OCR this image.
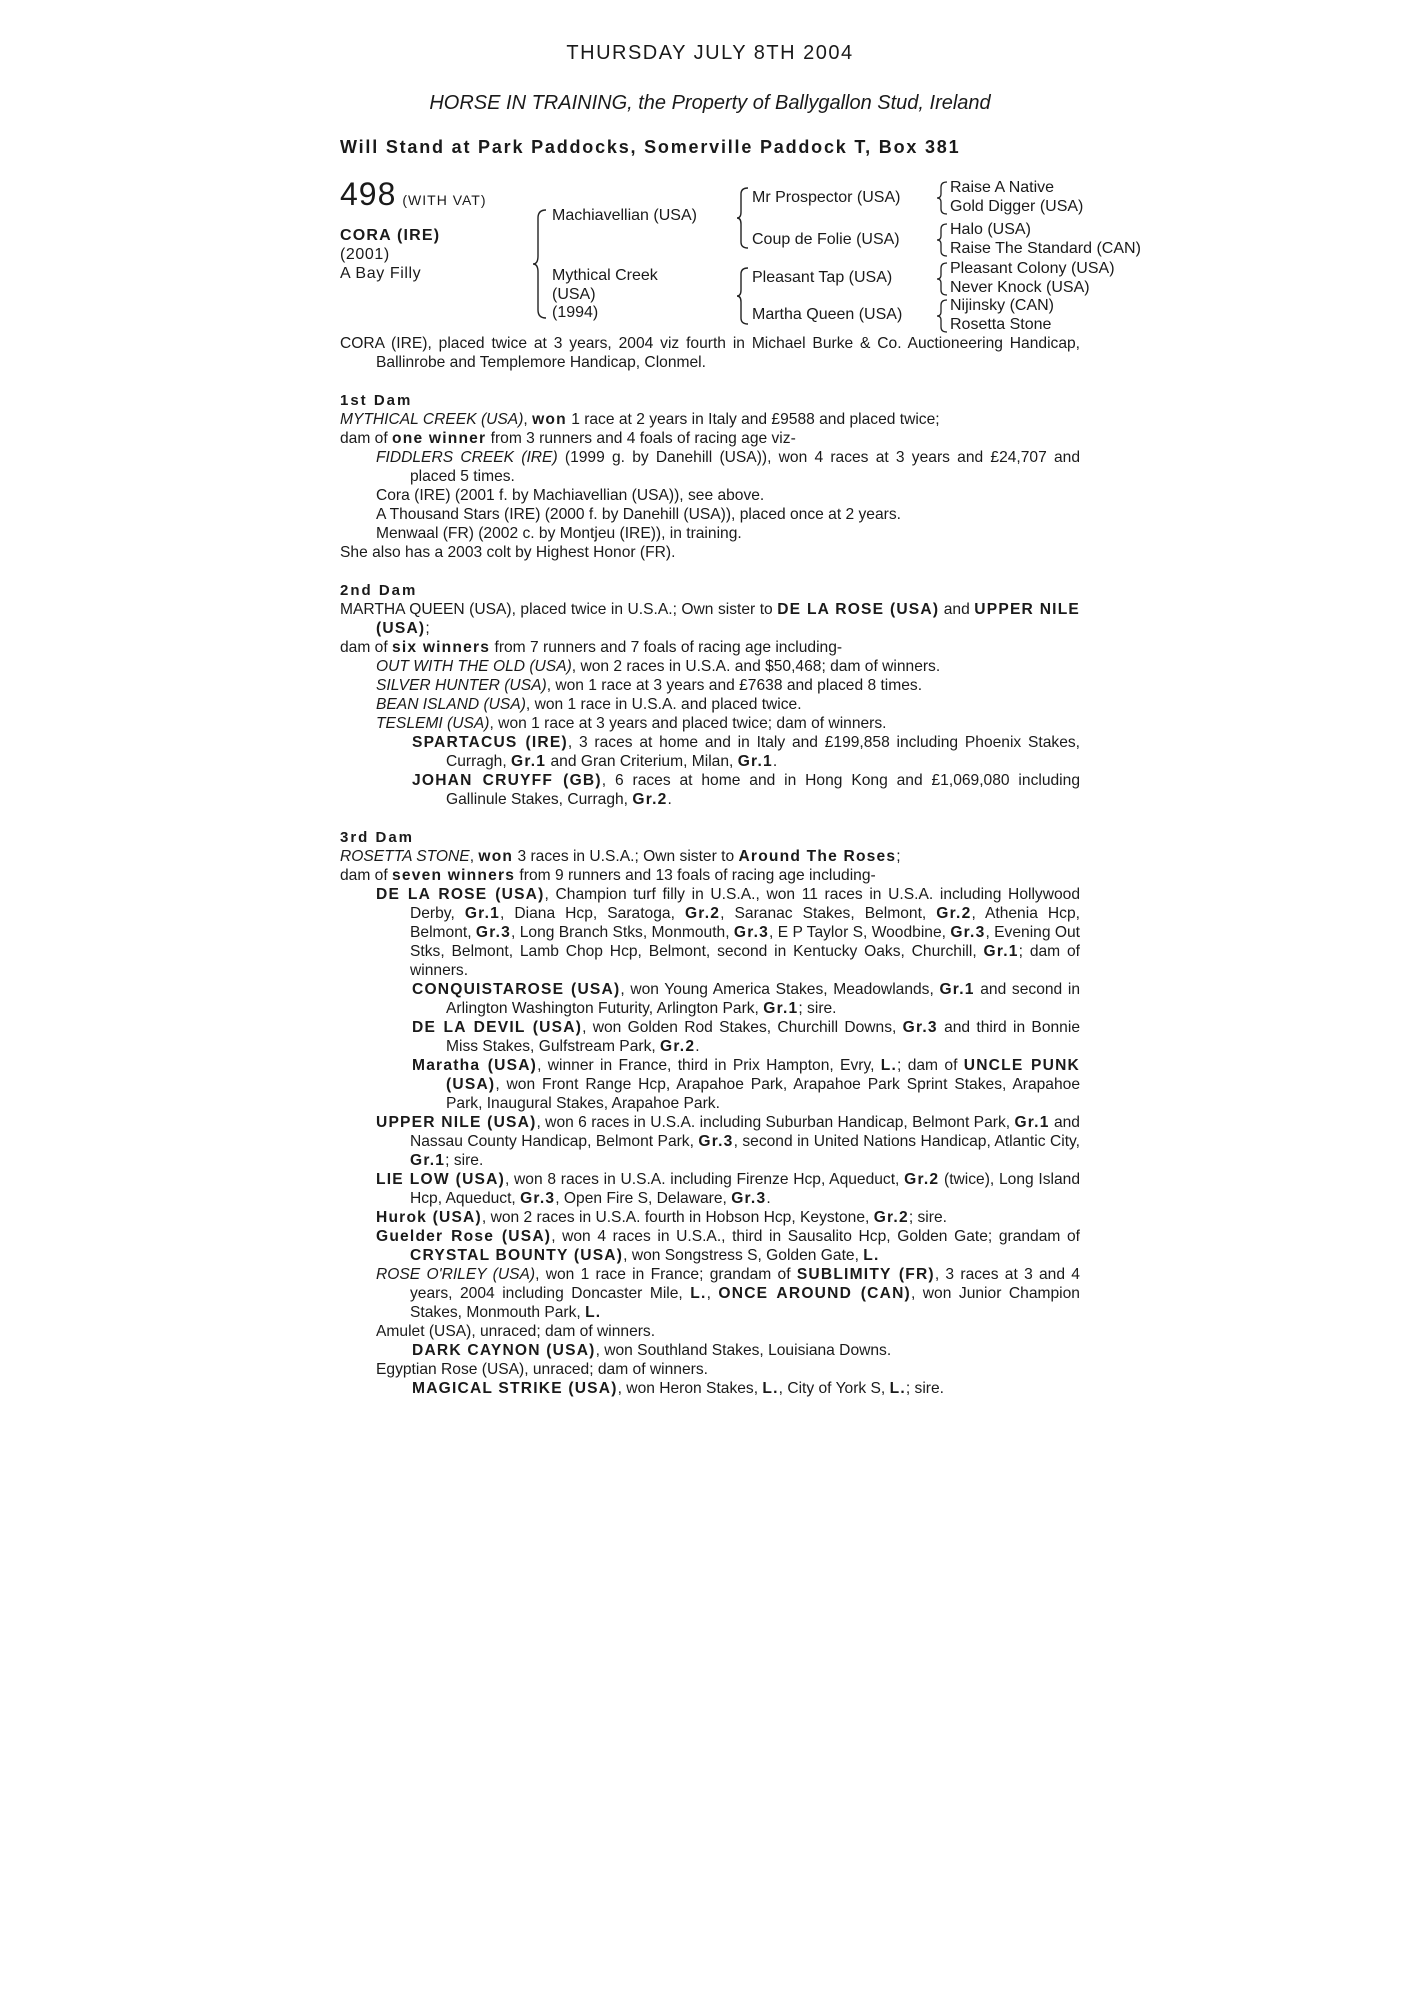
THURSDAY JULY 8TH 2004
HORSE IN TRAINING, the Property of Ballygallon Stud, Ireland
Will Stand at Park Paddocks, Somerville Paddock T, Box 381
498 (WITH VAT)
CORA (IRE)
(2001)
A Bay Filly
Machiavellian (USA)
Mythical Creek
(USA)
(1994)
Mr Prospector (USA)
Coup de Folie (USA)
Pleasant Tap (USA)
Martha Queen (USA)
Raise A Native
Gold Digger (USA)
Halo (USA)
Raise The Standard (CAN)
Pleasant Colony (USA)
Never Knock (USA)
Nijinsky (CAN)
Rosetta Stone

CORA (IRE), placed twice at 3 years, 2004 viz fourth in Michael Burke & Co. Auctioneering Handicap, Ballinrobe and Templemore Handicap, Clonmel.

1st Dam

MYTHICAL CREEK (USA), won 1 race at 2 years in Italy and £9588 and placed twice;

dam of one winner from 3 runners and 4 foals of racing age viz-

FIDDLERS CREEK (IRE) (1999 g. by Danehill (USA)), won 4 races at 3 years and £24,707 and placed 5 times.

Cora (IRE) (2001 f. by Machiavellian (USA)), see above.

A Thousand Stars (IRE) (2000 f. by Danehill (USA)), placed once at 2 years.

Menwaal (FR) (2002 c. by Montjeu (IRE)), in training.

She also has a 2003 colt by Highest Honor (FR).

2nd Dam

MARTHA QUEEN (USA), placed twice in U.S.A.; Own sister to DE LA ROSE (USA) and UPPER NILE (USA);

dam of six winners from 7 runners and 7 foals of racing age including-

OUT WITH THE OLD (USA), won 2 races in U.S.A. and $50,468; dam of winners.

SILVER HUNTER (USA), won 1 race at 3 years and £7638 and placed 8 times.

BEAN ISLAND (USA), won 1 race in U.S.A. and placed twice.

TESLEMI (USA), won 1 race at 3 years and placed twice; dam of winners.

SPARTACUS (IRE), 3 races at home and in Italy and £199,858 including Phoenix Stakes, Curragh, Gr.1 and Gran Criterium, Milan, Gr.1.

JOHAN CRUYFF (GB), 6 races at home and in Hong Kong and £1,069,080 including Gallinule Stakes, Curragh, Gr.2.

3rd Dam

ROSETTA STONE, won 3 races in U.S.A.; Own sister to Around The Roses;

dam of seven winners from 9 runners and 13 foals of racing age including-

DE LA ROSE (USA), Champion turf filly in U.S.A., won 11 races in U.S.A. including Hollywood Derby, Gr.1, Diana Hcp, Saratoga, Gr.2, Saranac Stakes, Belmont, Gr.2, Athenia Hcp, Belmont, Gr.3, Long Branch Stks, Monmouth, Gr.3, E P Taylor S, Woodbine, Gr.3, Evening Out Stks, Belmont, Lamb Chop Hcp, Belmont, second in Kentucky Oaks, Churchill, Gr.1; dam of winners.

CONQUISTAROSE (USA), won Young America Stakes, Meadowlands, Gr.1 and second in Arlington Washington Futurity, Arlington Park, Gr.1; sire.

DE LA DEVIL (USA), won Golden Rod Stakes, Churchill Downs, Gr.3 and third in Bonnie Miss Stakes, Gulfstream Park, Gr.2.

Maratha (USA), winner in France, third in Prix Hampton, Evry, L.; dam of UNCLE PUNK (USA), won Front Range Hcp, Arapahoe Park, Arapahoe Park Sprint Stakes, Arapahoe Park, Inaugural Stakes, Arapahoe Park.

UPPER NILE (USA), won 6 races in U.S.A. including Suburban Handicap, Belmont Park, Gr.1 and Nassau County Handicap, Belmont Park, Gr.3, second in United Nations Handicap, Atlantic City, Gr.1; sire.

LIE LOW (USA), won 8 races in U.S.A. including Firenze Hcp, Aqueduct, Gr.2 (twice), Long Island Hcp, Aqueduct, Gr.3, Open Fire S, Delaware, Gr.3.

Hurok (USA), won 2 races in U.S.A. fourth in Hobson Hcp, Keystone, Gr.2; sire.

Guelder Rose (USA), won 4 races in U.S.A., third in Sausalito Hcp, Golden Gate; grandam of CRYSTAL BOUNTY (USA), won Songstress S, Golden Gate, L.

ROSE O'RILEY (USA), won 1 race in France; grandam of SUBLIMITY (FR), 3 races at 3 and 4 years, 2004 including Doncaster Mile, L., ONCE AROUND (CAN), won Junior Champion Stakes, Monmouth Park, L.

Amulet (USA), unraced; dam of winners.

DARK CAYNON (USA), won Southland Stakes, Louisiana Downs.

Egyptian Rose (USA), unraced; dam of winners.

MAGICAL STRIKE (USA), won Heron Stakes, L., City of York S, L.; sire.
